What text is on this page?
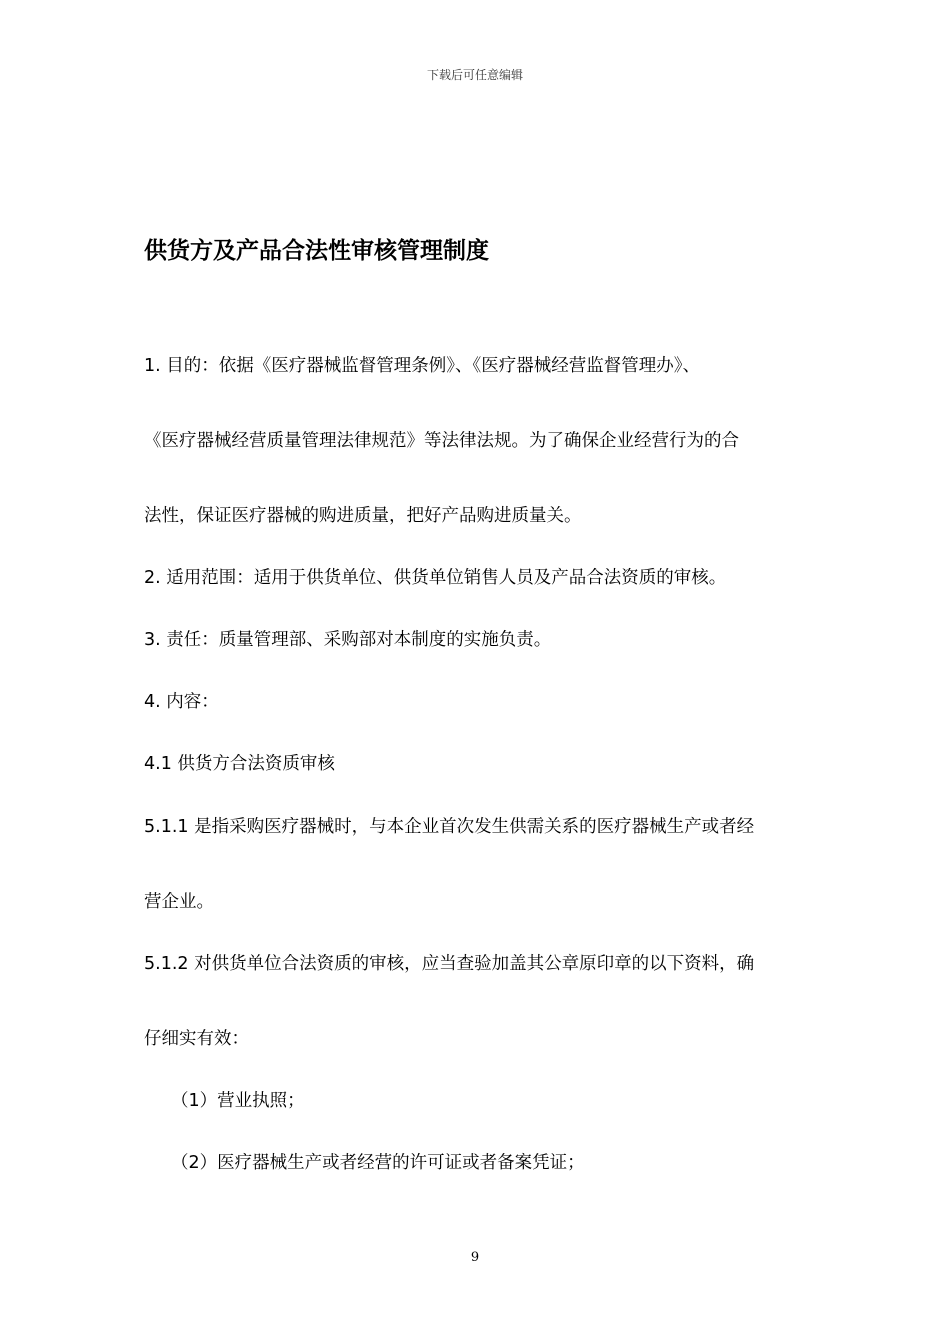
下载后可任意编辑
供货方及产品合法性审核管理制度

1. 目的：依据《医疗器械监督管理条例》、《医疗器械经营监督管理办》、

《医疗器械经营质量管理法律规范》等法律法规。为了确保企业经营行为的合

法性，保证医疗器械的购进质量，把好产品购进质量关。

2. 适用范围：适用于供货单位、供货单位销售人员及产品合法资质的审核。

3. 责任：质量管理部、采购部对本制度的实施负责。

4. 内容：

4.1 供货方合法资质审核

5.1.1 是指采购医疗器械时，与本企业首次发生供需关系的医疗器械生产或者经

营企业。

5.1.2 对供货单位合法资质的审核，应当查验加盖其公章原印章的以下资料，确

仔细实有效：

（1）营业执照；

（2）医疗器械生产或者经营的许可证或者备案凭证；

9
